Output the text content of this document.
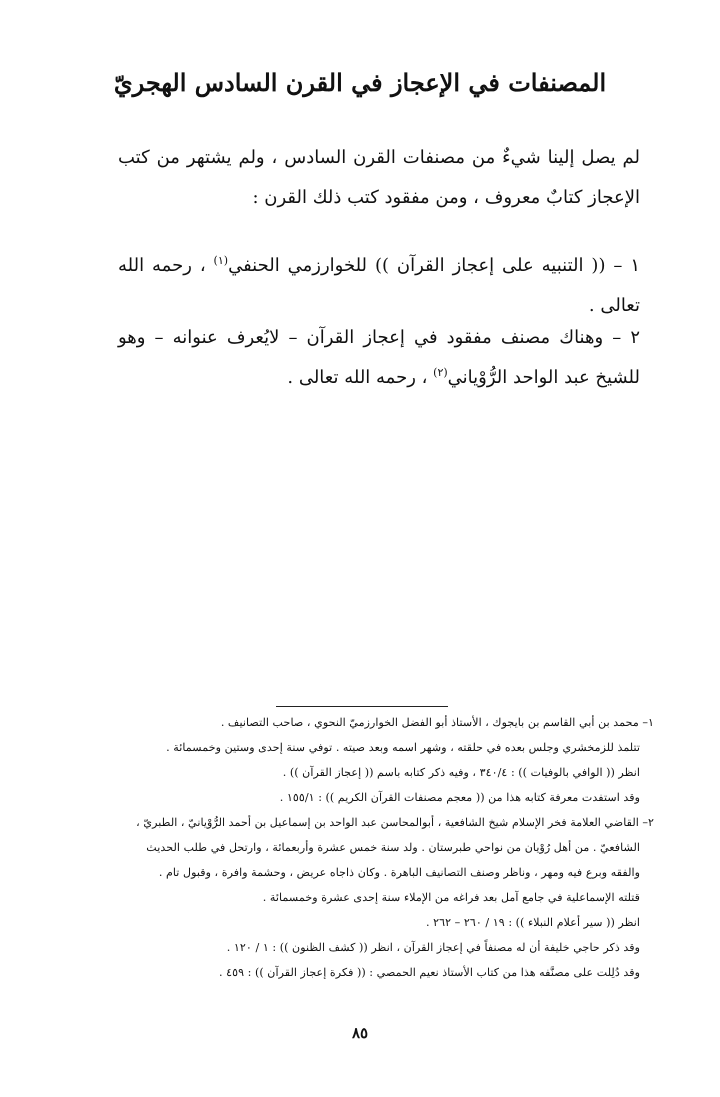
المصنفات في الإعجاز في القرن السادس الهجريّ

لم يصل إلينا شيءٌ من مصنفات القرن السادس ، ولم يشتهر من كتب الإعجاز كتابٌ معروف ، ومن مفقود كتب ذلك القرن :

١ – (( التنبيه على إعجاز القرآن )) للخوارزمي الحنفي$^{(١)}$ ، رحمه الله تعالى .

٢ – وهناك مصنف مفقود في إعجاز القرآن – لايُعرف عنوانه – وهو للشيخ عبد الواحد الرُّوْياني$^{(٢)}$ ، رحمه الله تعالى .

١– محمد بن أبي القاسم بن بايجوك ، الأستاذ أبو الفضل الخوارزميّ النحوي ، صاحب التصانيف .
تتلمذ للزمخشري وجلس بعده في حلقته ، وشهر اسمه وبعد صيته . توفي سنة إحدى وستين وخمسمائة .
انظر (( الوافي بالوفيات )) : ٣٤٠/٤ ، وفيه ذكر كتابه باسم (( إعجاز القرآن )) .
وقد استفدت معرفة كتابه هذا من (( معجم مصنفات القرآن الكريم )) : ١٥٥/١ .
٢– القاضي العلامة فخر الإسلام شيخ الشافعية ، أبوالمحاسن عبد الواحد بن إسماعيل بن أحمد الرُّوْيانيّ ، الطبريّ ،
الشافعيّ . من أهل رُوْيان من نواحي طبرستان . ولد سنة خمس عشرة وأربعمائة ، وارتحل في طلب الحديث
والفقه وبرع فيه ومهر ، وناظر وصنف التصانيف الباهرة . وكان ذاجاه عريض ، وحشمة وافرة ، وقبول تام .
قتلته الإسماعلية في جامع آمل بعد فراغه من الإملاء سنة إحدى عشرة وخمسمائة .
انظر (( سير أعلام النبلاء )) : ١٩ / ٢٦٠ – ٢٦٢ .
وقد ذكر حاجي خليفة أن له مصنفاً في إعجاز القرآن ، انظر (( كشف الظنون )) : ١ / ١٢٠ .
وقد دُلِلت على مصنَّفه هذا من كتاب الأستاذ نعيم الحمصي : (( فكرة إعجاز القرآن )) : ٤٥٩ .
٨٥
